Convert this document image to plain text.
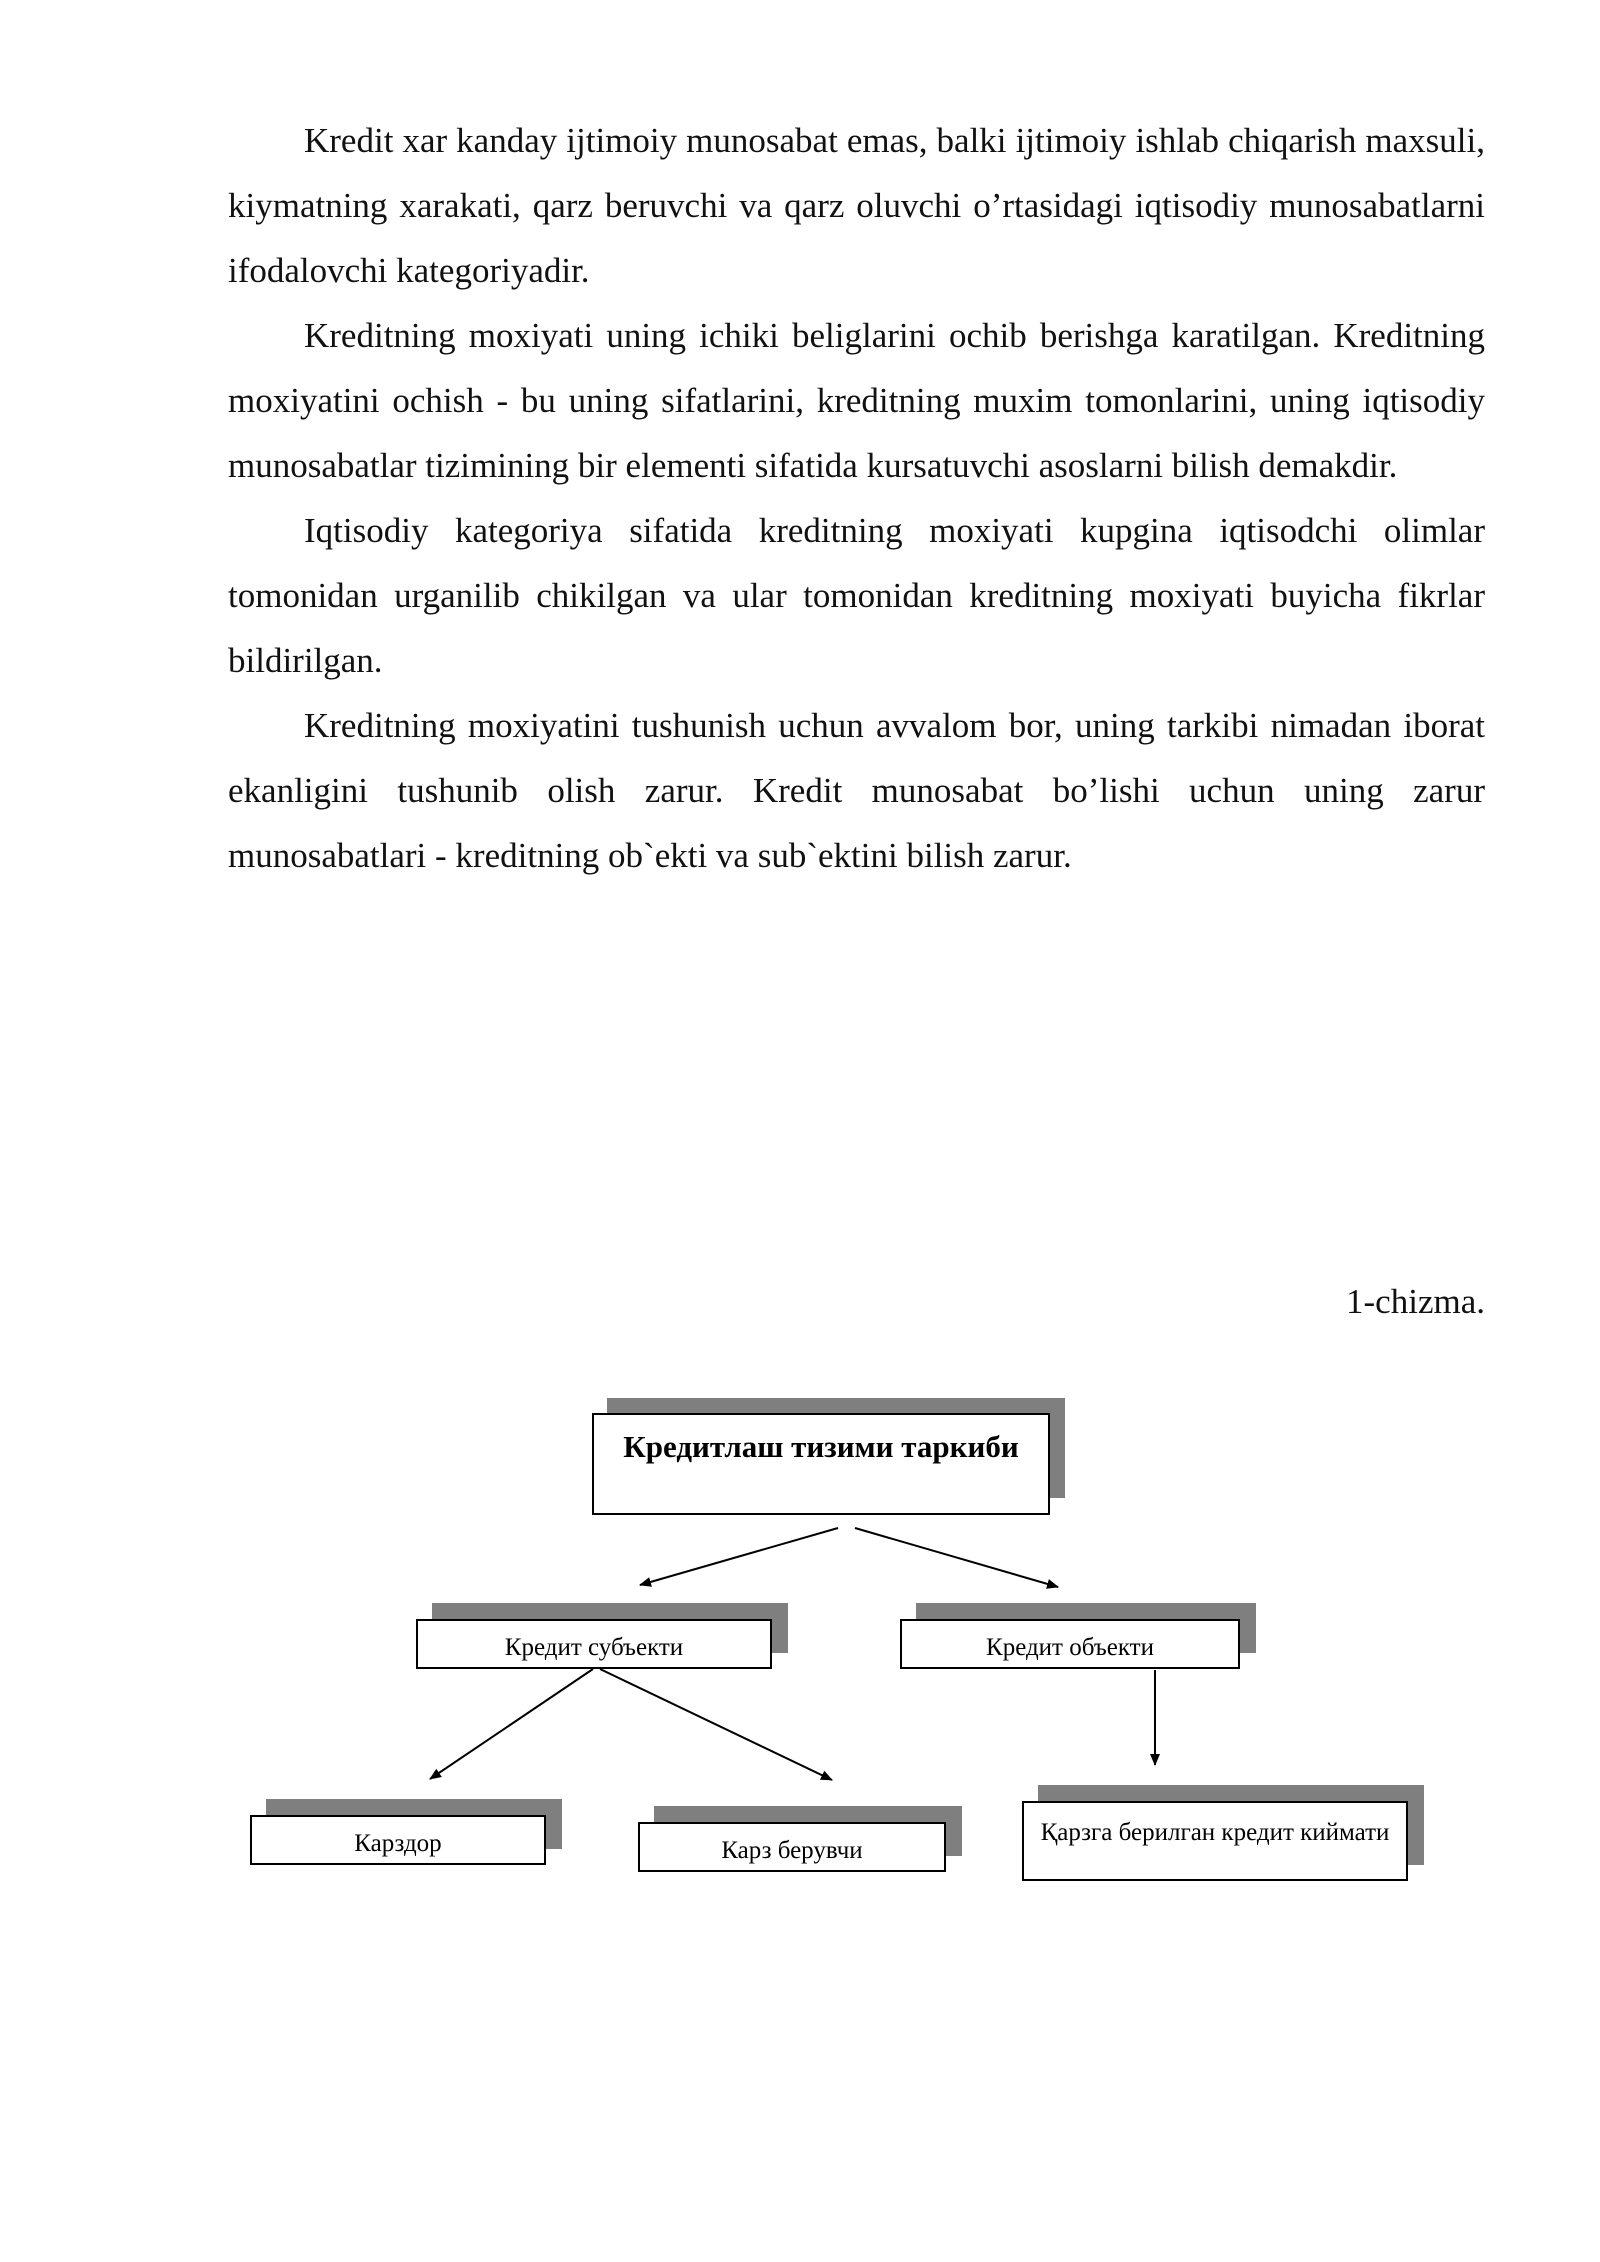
Kredit xar kanday ijtimoiy munosabat emas, balki ijtimoiy ishlab chiqarish maxsuli, kiymatning xarakati, qarz beruvchi va qarz oluvchi o’rtasidagi iqtisodiy munosabatlarni ifodalovchi kategoriyadir.

Kreditning moxiyati uning ichiki beliglarini ochib berishga karatilgan. Kreditning moxiyatini ochish - bu uning sifatlarini, kreditning muxim tomonlarini, uning iqtisodiy munosabatlar tizimining bir elementi sifatida kursatuvchi asoslarni bilish demakdir.

Iqtisodiy kategoriya sifatida kreditning moxiyati kupgina iqtisodchi olimlar tomonidan urganilib chikilgan va ular tomonidan kreditning moxiyati buyicha fikrlar bildirilgan.

Kreditning moxiyatini tushunish uchun avvalom bor, uning tarkibi nimadan iborat ekanligini tushunib olish zarur. Kredit munosabat bo’lishi uchun uning zarur munosabatlari - kreditning ob`ekti va sub`ektini bilish zarur.

1-chizma.
Кредитлаш тизими таркиби
Кредит субъекти	Кредит объекти
Карздор	Карз берувчи
Қарзга берилган кредит киймати
